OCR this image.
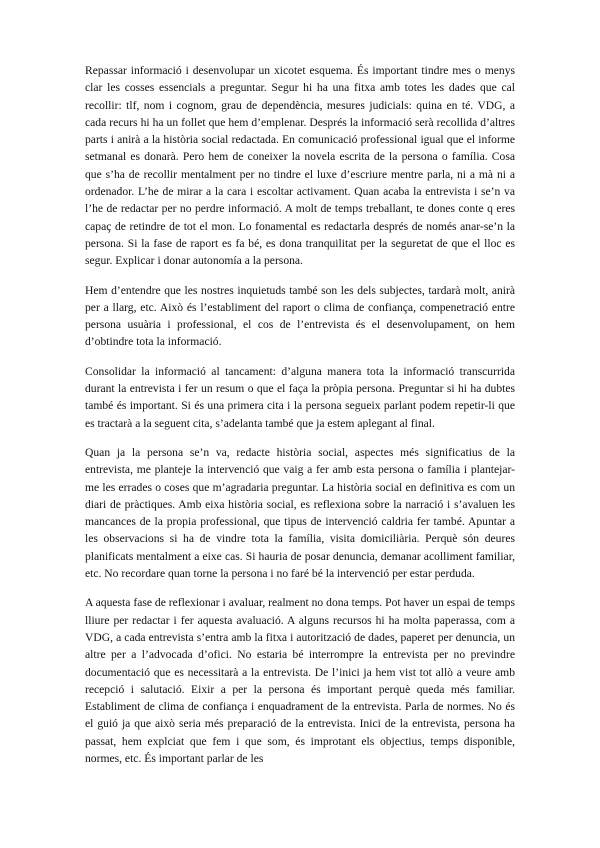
Repassar informació i desenvolupar un xicotet esquema. És important tindre mes o menys clar les cosses essencials a preguntar. Segur hi ha una fitxa amb totes les dades que cal recollir: tlf, nom i cognom, grau de dependència, mesures judicials: quina en té. VDG, a cada recurs hi ha un follet que hem d’emplenar. Després la informació serà recollida d’altres parts i anirà a la història social redactada. En comunicació professional igual que el informe setmanal es donarà. Pero hem de coneixer la novela escrita de la persona o família. Cosa que s’ha de recollir mentalment per no tindre el luxe d’escriure mentre parla, ni a mà ni a ordenador. L’he de mirar a la cara i escoltar activament. Quan acaba la entrevista i se’n va l’he de redactar per no perdre informació. A molt de temps treballant, te dones conte q eres capaç de retindre de tot el mon. Lo fonamental es redactarla després de només anar-se’n la persona. Si la fase de raport es fa bé, es dona tranquilitat per la seguretat de que el lloc es segur. Explicar i donar autonomía a la persona.

Hem d’entendre que les nostres inquietuds també son les dels subjectes, tardarà molt, anirà per a llarg, etc. Això és l’establiment del raport o clima de confiança, compenetració entre persona usuària i professional, el cos de l’entrevista és el desenvolupament, on hem d’obtindre tota la informació.

Consolidar la informació al tancament: d’alguna manera tota la informació transcurrida durant la entrevista i fer un resum o que el faça la pròpia persona. Preguntar si hi ha dubtes també és important. Si és una primera cita i la persona segueix parlant podem repetir-li que es tractarà a la seguent cita, s’adelanta també que ja estem aplegant al final.

Quan ja la persona se’n va, redacte història social, aspectes més significatius de la entrevista, me planteje la intervenció que vaig a fer amb esta persona o família i plantejar-me les errades o coses que m’agradaria preguntar. La història social en definitiva es com un diari de pràctiques. Amb eixa història social, es reflexiona sobre la narració i s’avaluen les mancances de la propia professional, que tipus de intervenció caldria fer també. Apuntar a les observacions si ha de vindre tota la família, visita domiciliària. Perquè són deures planificats mentalment a eixe cas. Si hauria de posar denuncia, demanar acolliment familiar, etc. No recordare quan torne la persona i no faré bé la intervenció per estar perduda.

A aquesta fase de reflexionar i avaluar, realment no dona temps. Pot haver un espai de temps lliure per redactar i fer aquesta avaluació. A alguns recursos hi ha molta paperassa, com a VDG, a cada entrevista s’entra amb la fitxa i autorització de dades, paperet per denuncia, un altre per a l’advocada d’ofici. No estaria bé interrompre la entrevista per no previndre documentació que es necessitarà a la entrevista. De l’inici ja hem vist tot allò a veure amb recepció i salutació. Eixir a per la persona és important perquè queda més familiar. Establiment de clima de confiança i enquadrament de la entrevista. Parla de normes. No és el guió ja que això seria més preparació de la entrevista. Inici de la entrevista, persona ha passat, hem explciat que fem i que som, és improtant els objectius, temps disponible, normes, etc. És important parlar de les
